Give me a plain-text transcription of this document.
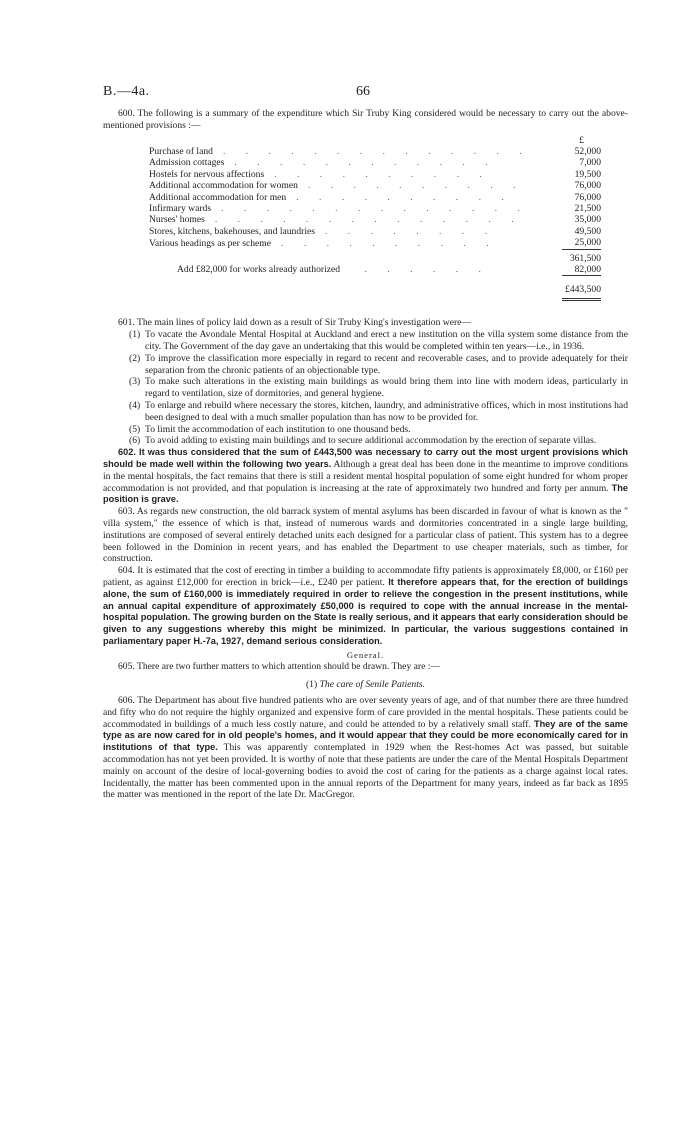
B.—4a.	66

600. The following is a summary of the expenditure which Sir Truby King considered would be necessary to carry out the above-mentioned provisions :—

	£
Purchase of land . . . . . . . . . . . . . .	52,000
Admission cottages . . . . . . . . . . . .	7,000
Hostels for nervous affections . . . . . . . . . .	19,500
Additional accommodation for women . . . . . . . . . .	76,000
Additional accommodation for men . . . . . . . . . .	76,000
Infirmary wards . . . . . . . . . . . . . .	21,500
Nurses' homes . . . . . . . . . . . . . .	35,000
Stores, kitchens, bakehouses, and laundries . . . . . . . .	49,500
Various headings as per scheme . . . . . . . . . .	25,000
	361,500
Add £82,000 for works already authorized . . . . . .	82,000

	£443,500

601. The main lines of policy laid down as a result of Sir Truby King's investigation were—

(1) To vacate the Avondale Mental Hospital at Auckland and erect a new institution on the villa system some distance from the city. The Government of the day gave an undertaking that this would be completed within ten years—i.e., in 1936.

(2) To improve the classification more especially in regard to recent and recoverable cases, and to provide adequately for their separation from the chronic patients of an objectionable type.

(3) To make such alterations in the existing main buildings as would bring them into line with modern ideas, particularly in regard to ventilation, size of dormitories, and general hygiene.

(4) To enlarge and rebuild where necessary the stores, kitchen, laundry, and administrative offices, which in most institutions had been designed to deal with a much smaller population than has now to be provided for.

(5) To limit the accommodation of each institution to one thousand beds.

(6) To avoid adding to existing main buildings and to secure additional accommodation by the erection of separate villas.

602. It was thus considered that the sum of £443,500 was necessary to carry out the most urgent provisions which should be made well within the following two years. Although a great deal has been done in the meantime to improve conditions in the mental hospitals, the fact remains that there is still a resident mental hospital population of some eight hundred for whom proper accommodation is not provided, and that population is increasing at the rate of approximately two hundred and forty per annum. The position is grave.

603. As regards new construction, the old barrack system of mental asylums has been discarded in favour of what is known as the " villa system," the essence of which is that, instead of numerous wards and dormitories concentrated in a single large building, institutions are composed of several entirely detached units each designed for a particular class of patient. This system has to a degree been followed in the Dominion in recent years, and has enabled the Department to use cheaper materials, such as timber, for construction.

604. It is estimated that the cost of erecting in timber a building to accommodate fifty patients is approximately £8,000, or £160 per patient, as against £12,000 for erection in brick—i.e., £240 per patient. It therefore appears that, for the erection of buildings alone, the sum of £160,000 is immediately required in order to relieve the congestion in the present institutions, while an annual capital expenditure of approximately £50,000 is required to cope with the annual increase in the mental-hospital population. The growing burden on the State is really serious, and it appears that early consideration should be given to any suggestions whereby this might be minimized. In particular, the various suggestions contained in parliamentary paper H.-7a, 1927, demand serious consideration.

General.

605. There are two further matters to which attention should be drawn. They are :—

(1) The care of Senile Patients.

606. The Department has about five hundred patients who are over seventy years of age, and of that number there are three hundred and fifty who do not require the highly organized and expensive form of care provided in the mental hospitals. These patients could be accommodated in buildings of a much less costly nature, and could be attended to by a relatively small staff. They are of the same type as are now cared for in old people's homes, and it would appear that they could be more economically cared for in institutions of that type. This was apparently contemplated in 1929 when the Rest-homes Act was passed, but suitable accommodation has not yet been provided. It is worthy of note that these patients are under the care of the Mental Hospitals Department mainly on account of the desire of local-governing bodies to avoid the cost of caring for the patients as a charge against local rates. Incidentally, the matter has been commented upon in the annual reports of the Department for many years, indeed as far back as 1895 the matter was mentioned in the report of the late Dr. MacGregor.
